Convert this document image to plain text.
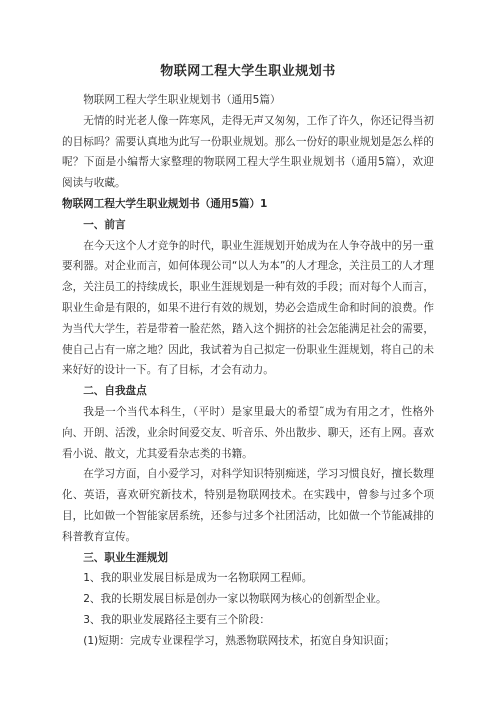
物联网工程大学生职业规划书

物联网工程大学生职业规划书（通用5篇）

无情的时光老人像一阵寒风，走得无声又匆匆，工作了许久，你还记得当初的目标吗？需要认真地为此写一份职业规划。那么一份好的职业规划是怎么样的呢？下面是小编帮大家整理的物联网工程大学生职业规划书（通用5篇），欢迎阅读与收藏。

物联网工程大学生职业规划书（通用5篇）1

一、前言

在今天这个人才竞争的时代，职业生涯规划开始成为在人争夺战中的另一重要利器。对企业而言，如何体现公司“以人为本”的人才理念，关注员工的人才理念，关注员工的持续成长，职业生涯规划是一种有效的手段；而对每个人而言，职业生命是有限的，如果不进行有效的规划，势必会造成生命和时间的浪费。作为当代大学生，若是带着一脸茫然，踏入这个拥挤的社会怎能满足社会的需要，使自己占有一席之地？因此，我试着为自己拟定一份职业生涯规划，将自己的未来好好的设计一下。有了目标，才会有动力。

二、自我盘点

我是一个当代本科生，（平时）是家里最大的希望˜成为有用之才，性格外向、开朗、活泼，业余时间爱交友、听音乐、外出散步、聊天，还有上网。喜欢看小说、散文，尤其爱看杂志类的书籍。

在学习方面，自小爱学习，对科学知识特别痴迷，学习习惯良好，擅长数理化、英语，喜欢研究新技术，特别是物联网技术。在实践中，曾参与过多个项目，比如做一个智能家居系统，还参与过多个社团活动，比如做一个节能减排的科普教育宣传。

三、职业生涯规划

1、我的职业发展目标是成为一名物联网工程师。

2、我的长期发展目标是创办一家以物联网为核心的创新型企业。

3、我的职业发展路径主要有三个阶段：

(1)短期：完成专业课程学习，熟悉物联网技术，拓宽自身知识面；
